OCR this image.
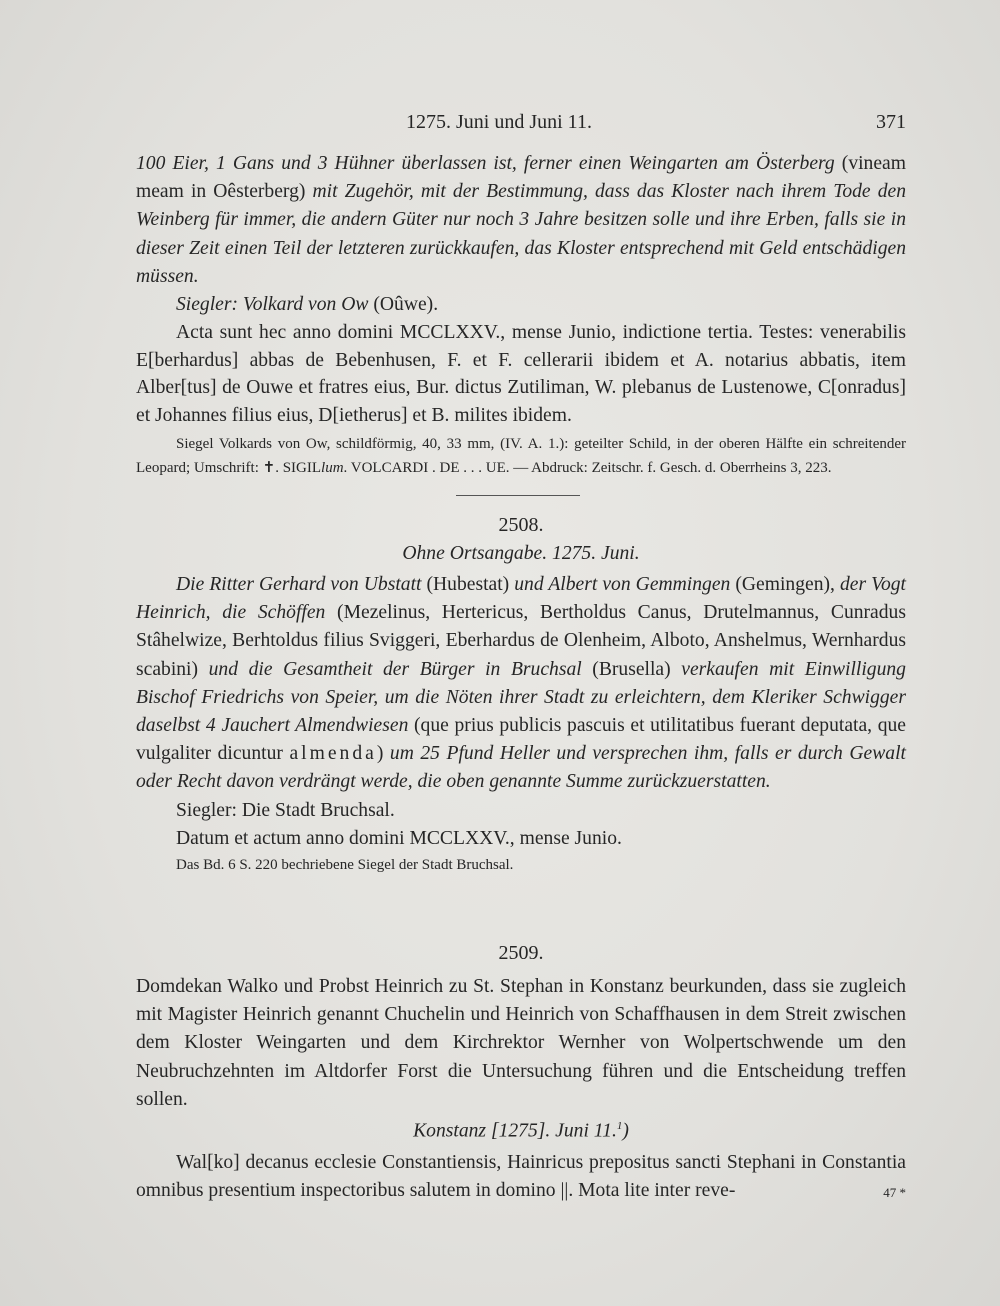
1275. Juni und Juni 11.	371

100 Eier, 1 Gans und 3 Hühner überlassen ist, ferner einen Weingarten am Österberg (vineam meam in Oêsterberg) mit Zugehör, mit der Bestimmung, dass das Kloster nach ihrem Tode den Weinberg für immer, die andern Güter nur noch 3 Jahre besitzen solle und ihre Erben, falls sie in dieser Zeit einen Teil der letzteren zurückkaufen, das Kloster entsprechend mit Geld entschädigen müssen.

Siegler: Volkard von Ow (Oûwe).

Acta sunt hec anno domini MCCLXXV., mense Junio, indictione tertia. Testes: venerabilis E[berhardus] abbas de Bebenhusen, F. et F. cellerarii ibidem et A. notarius abbatis, item Alber[tus] de Ouwe et fratres eius, Bur. dictus Zutiliman, W. plebanus de Lustenowe, C[onradus] et Johannes filius eius, D[ietherus] et B. milites ibidem.

Siegel Volkards von Ow, schildförmig, 40, 33 mm, (IV. A. 1.): geteilter Schild, in der oberen Hälfte ein schreitender Leopard; Umschrift: ✝. SIGILlum. VOLCARDI . DE . . . UE. — Abdruck: Zeitschr. f. Gesch. d. Oberrheins 3, 223.

2508.

Ohne Ortsangabe. 1275. Juni.

Die Ritter Gerhard von Ubstatt (Hubestat) und Albert von Gemmingen (Gemingen), der Vogt Heinrich, die Schöffen (Mezelinus, Hertericus, Bertholdus Canus, Drutelmannus, Cunradus Stâhelwize, Berhtoldus filius Sviggeri, Eberhardus de Olenheim, Alboto, Anshelmus, Wernhardus scabini) und die Gesamtheit der Bürger in Bruchsal (Brusella) verkaufen mit Einwilligung Bischof Friedrichs von Speier, um die Nöten ihrer Stadt zu erleichtern, dem Kleriker Schwigger daselbst 4 Jauchert Almendwiesen (que prius publicis pascuis et utilitatibus fuerant deputata, que vulgaliter dicuntur almenda) um 25 Pfund Heller und versprechen ihm, falls er durch Gewalt oder Recht davon verdrängt werde, die oben genannte Summe zurückzuerstatten.

Siegler: Die Stadt Bruchsal.

Datum et actum anno domini MCCLXXV., mense Junio.

Das Bd. 6 S. 220 bechriebene Siegel der Stadt Bruchsal.

2509.

Domdekan Walko und Probst Heinrich zu St. Stephan in Konstanz beurkunden, dass sie zugleich mit Magister Heinrich genannt Chuchelin und Heinrich von Schaffhausen in dem Streit zwischen dem Kloster Weingarten und dem Kirchrektor Wernher von Wolpertschwende um den Neubruchzehnten im Altdorfer Forst die Untersuchung führen und die Entscheidung treffen sollen.

Konstanz [1275]. Juni 11.$^1$)

Wal[ko] decanus ecclesie Constantiensis, Hainricus prepositus sancti Stephani in Constantia omnibus presentium inspectoribus salutem in domino ||. Mota lite inter reve-	47 *
